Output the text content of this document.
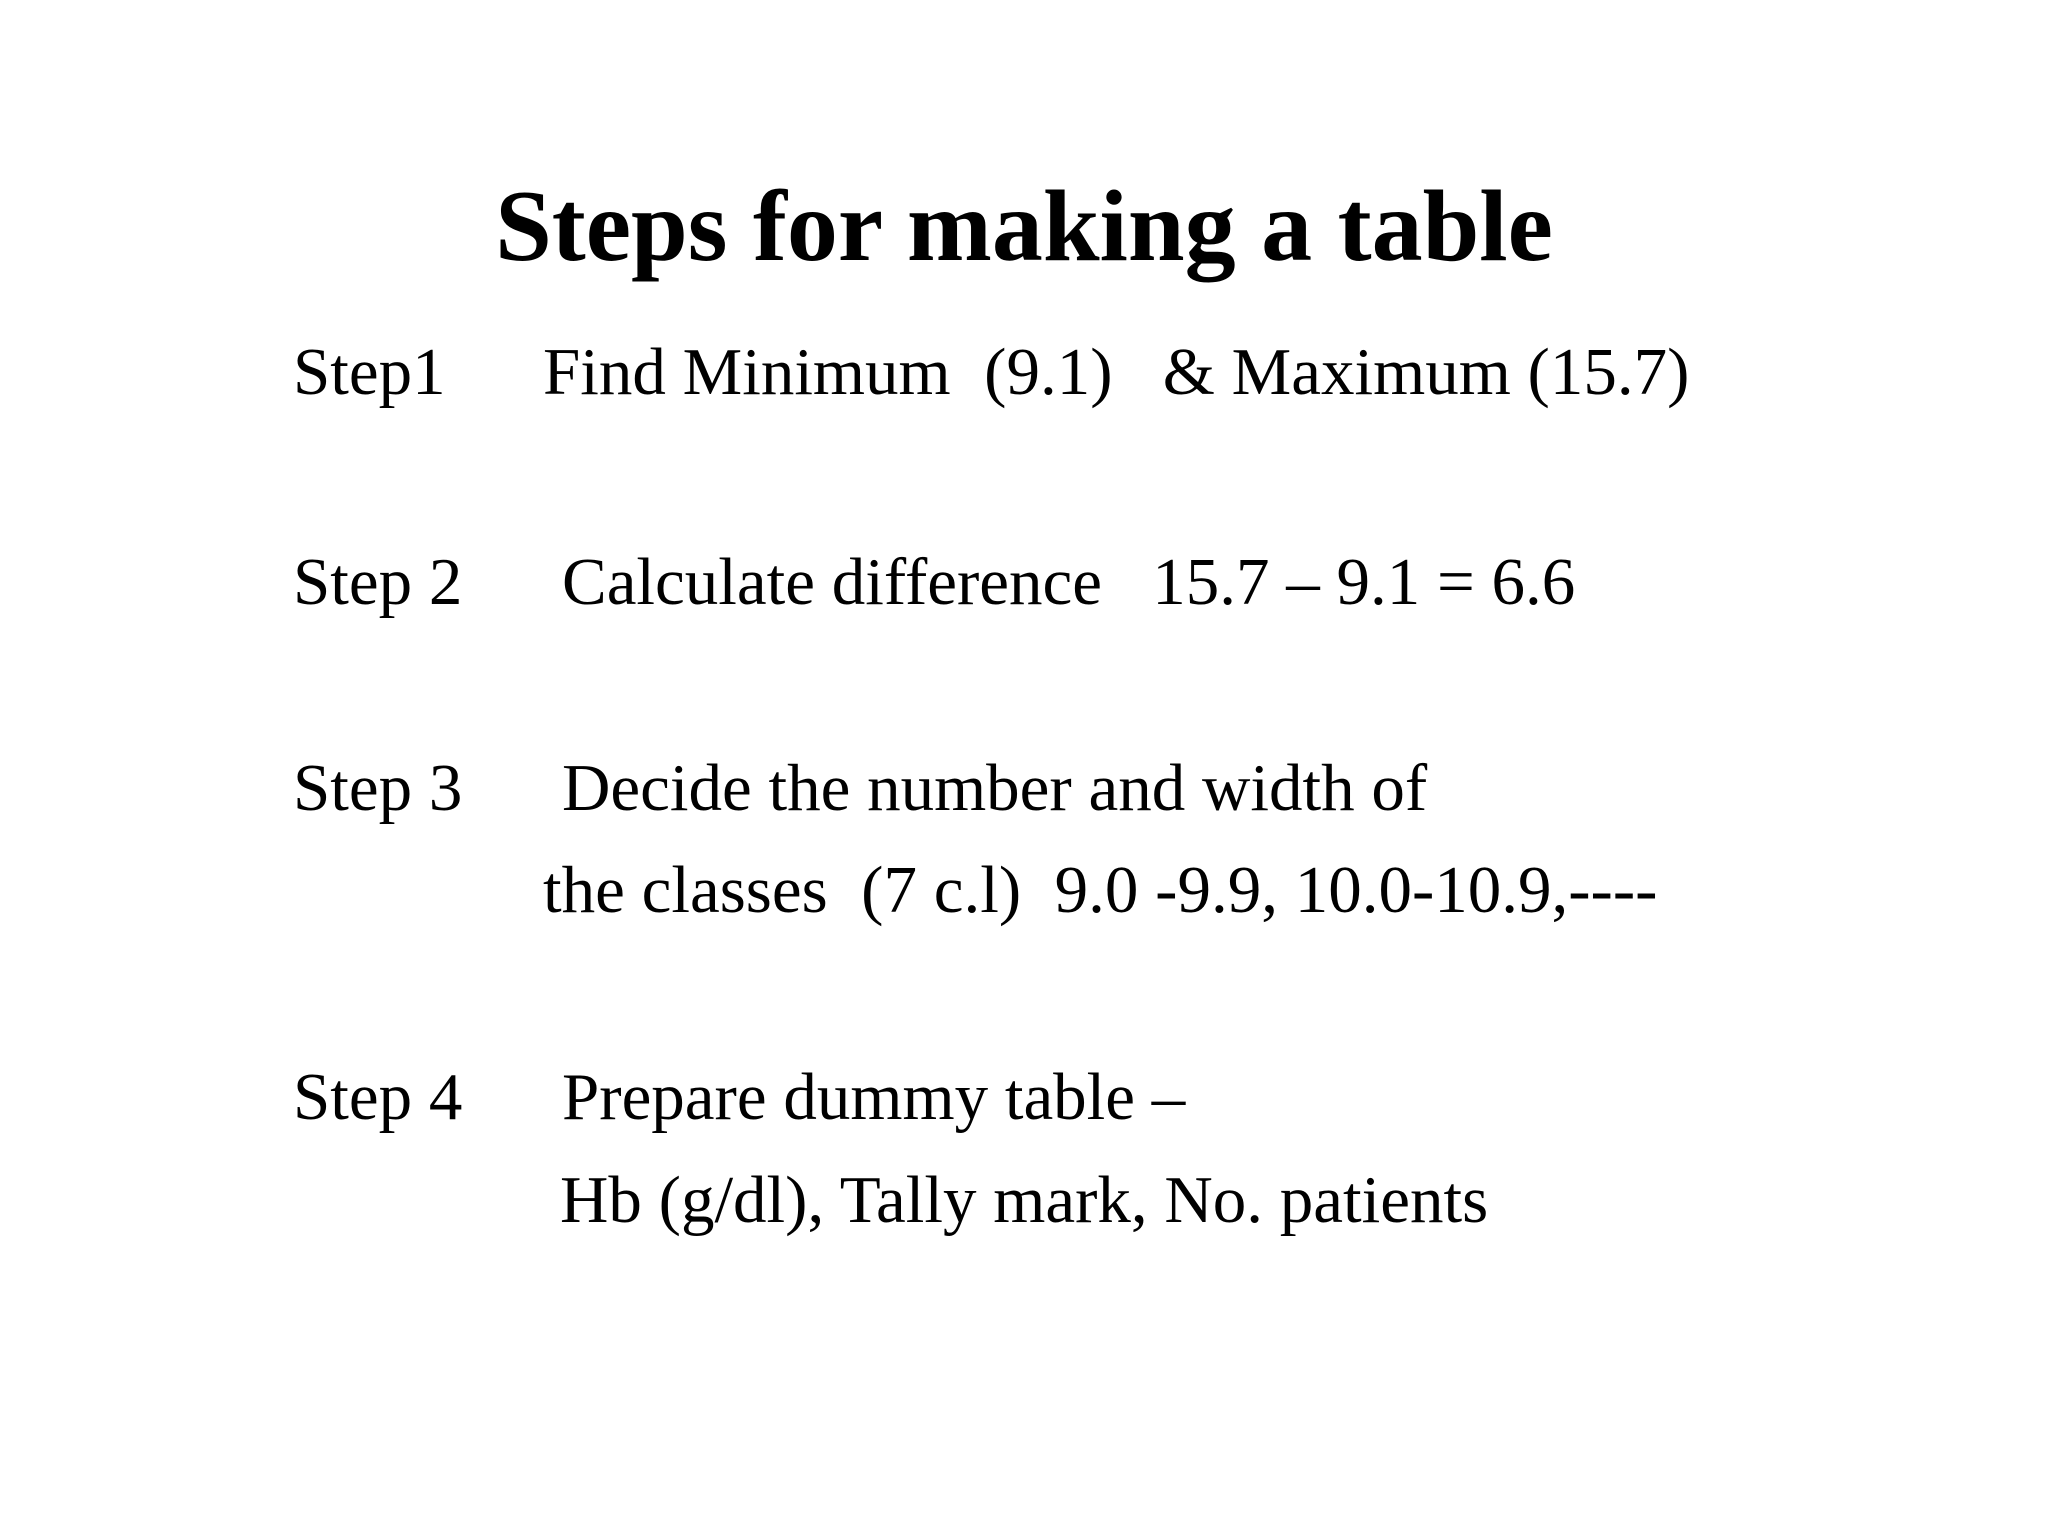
Steps for making a table
Step1 Find Minimum  (9.1)   & Maximum (15.7)
Step 2 Calculate difference   15.7 – 9.1 = 6.6
Step 3 Decide the number and width of
the classes  (7 c.l)  9.0 -9.9, 10.0-10.9,----
Step 4 Prepare dummy table –
Hb (g/dl), Tally mark, No. patients
